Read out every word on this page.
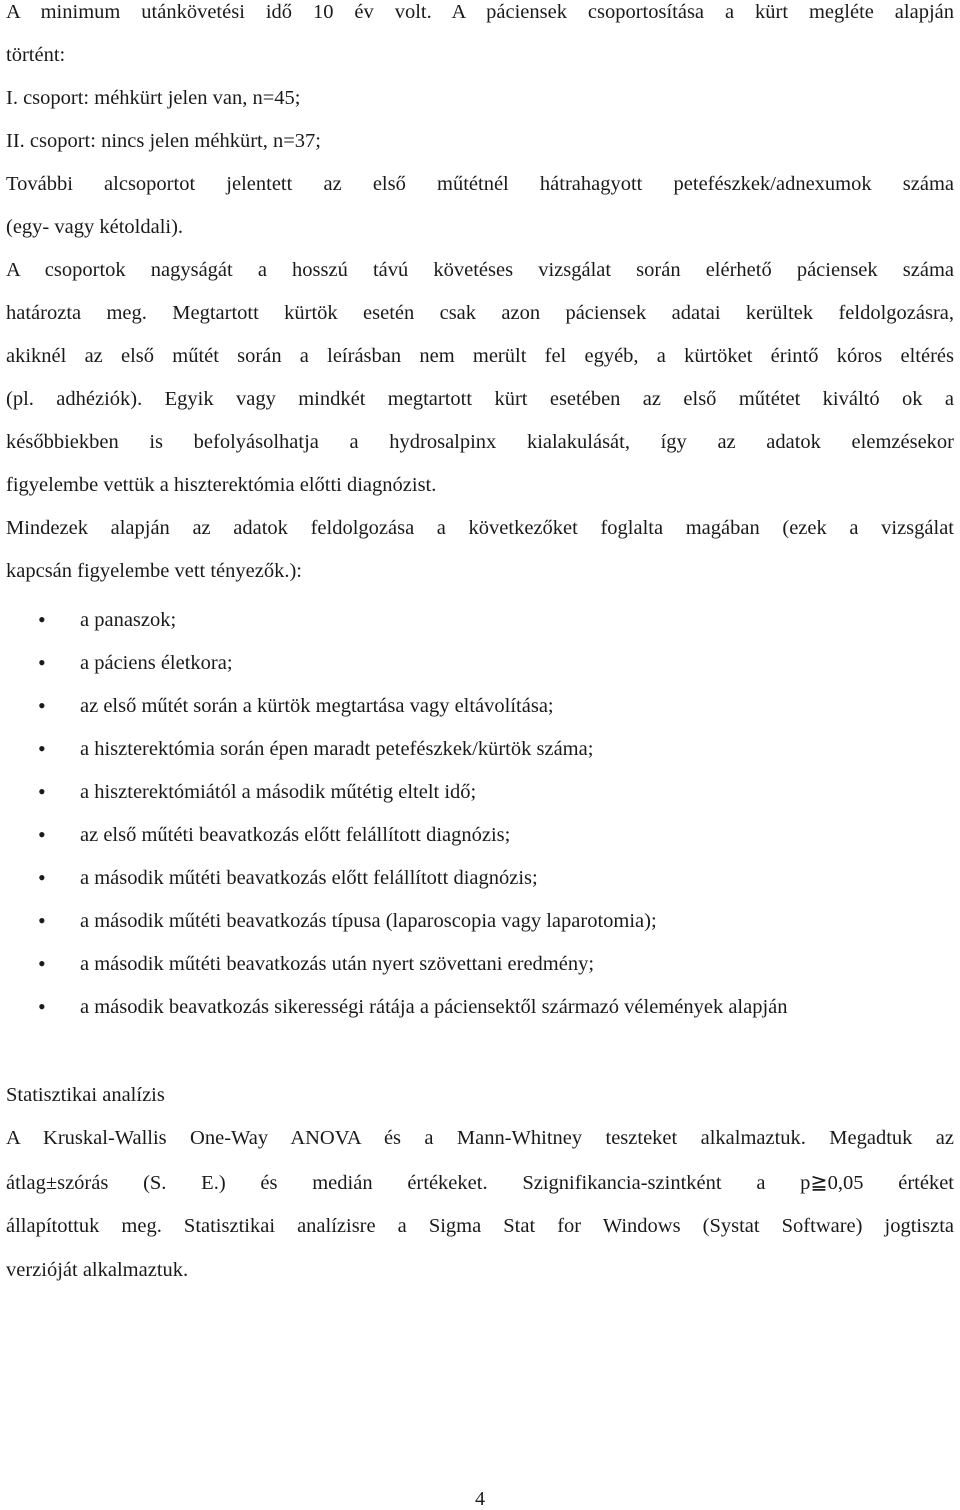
A minimum utánkövetési idő 10 év volt. A páciensek csoportosítása a kürt megléte alapján
történt:
I. csoport: méhkürt jelen van, n=45;
II. csoport: nincs jelen méhkürt, n=37;
További alcsoportot jelentett az első műtétnél hátrahagyott petefészkek/adnexumok száma
(egy- vagy kétoldali).
A csoportok nagyságát a hosszú távú követéses vizsgálat során elérhető páciensek száma
határozta meg. Megtartott kürtök esetén csak azon páciensek adatai kerültek feldolgozásra,
akiknél az első műtét során a leírásban nem merült fel egyéb, a kürtöket érintő kóros eltérés
(pl. adhéziók). Egyik vagy mindkét megtartott kürt esetében az első műtétet kiváltó ok a
későbbiekben is befolyásolhatja a hydrosalpinx kialakulását, így az adatok elemzésekor
figyelembe vettük a hiszterektómia előtti diagnózist.
Mindezek alapján az adatok feldolgozása a következőket foglalta magában (ezek a vizsgálat
kapcsán figyelembe vett tényezők.):
• a panaszok;
• a páciens életkora;
• az első műtét során a kürtök megtartása vagy eltávolítása;
• a hiszterektómia során épen maradt petefészkek/kürtök száma;
• a hiszterektómiától a második műtétig eltelt idő;
• az első műtéti beavatkozás előtt felállított diagnózis;
• a második műtéti beavatkozás előtt felállított diagnózis;
• a második műtéti beavatkozás típusa (laparoscopia vagy laparotomia);
• a második műtéti beavatkozás után nyert szövettani eredmény;
• a második beavatkozás sikerességi rátája a páciensektől származó vélemények alapján
Statisztikai analízis
A Kruskal-Wallis One-Way ANOVA és a Mann-Whitney teszteket alkalmaztuk. Megadtuk az
átlag±szórás (S. E.) és medián értékeket. Szignifikancia-szintként a p≧0,05 értéket
állapítottuk meg. Statisztikai analízisre a Sigma Stat for Windows (Systat Software) jogtiszta
verzióját alkalmaztuk.
4
